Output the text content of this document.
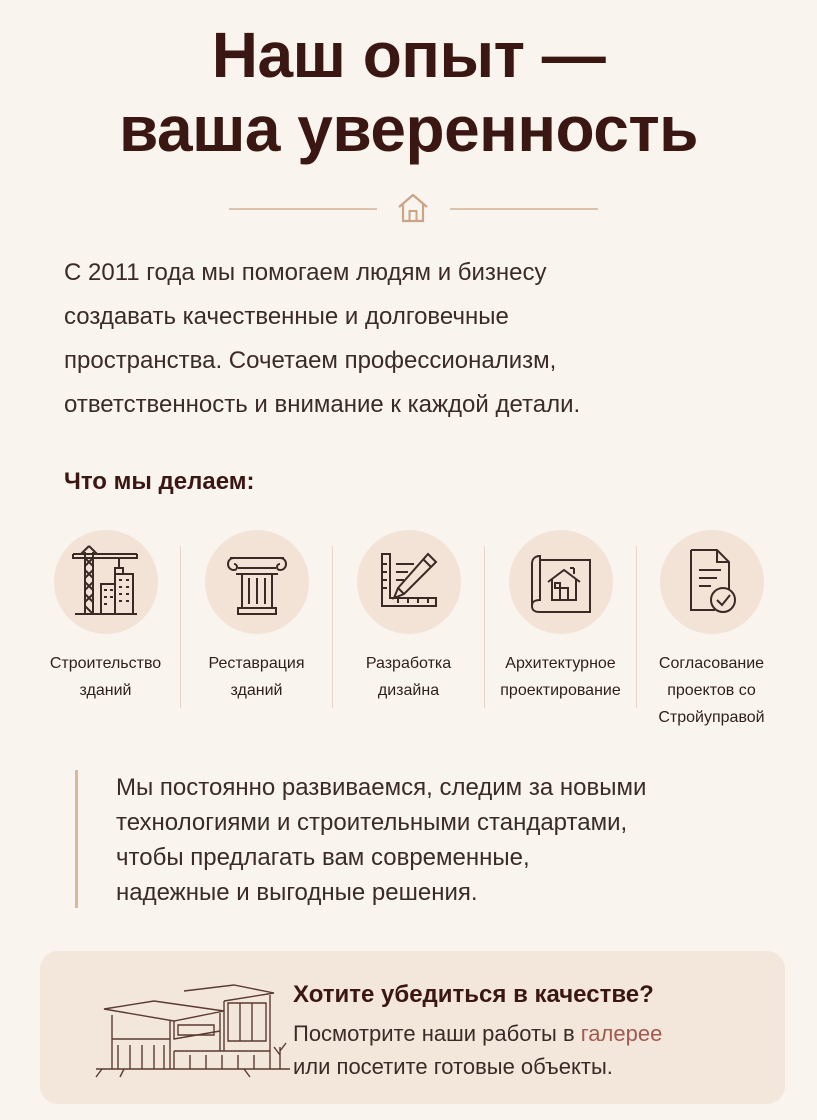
Наш опыт —
ваша уверенность
С 2011 года мы помогаем людям и бизнесу
создавать качественные и долговечные
пространства. Сочетаем профессионализм,
ответственность и внимание к каждой детали.
Что мы делаем:
Строительство
зданий
Реставрация
зданий
Разработка
дизайна
Архитектурное
проектирование
Согласование
проектов со
Стройуправой

Мы постоянно развиваемся, следим за новыми
технологиями и строительными стандартами,
чтобы предлагать вам современные,
надежные и выгодные решения.

Хотите убедиться в качестве?

Посмотрите наши работы в галерее
или посетите готовые объекты.
